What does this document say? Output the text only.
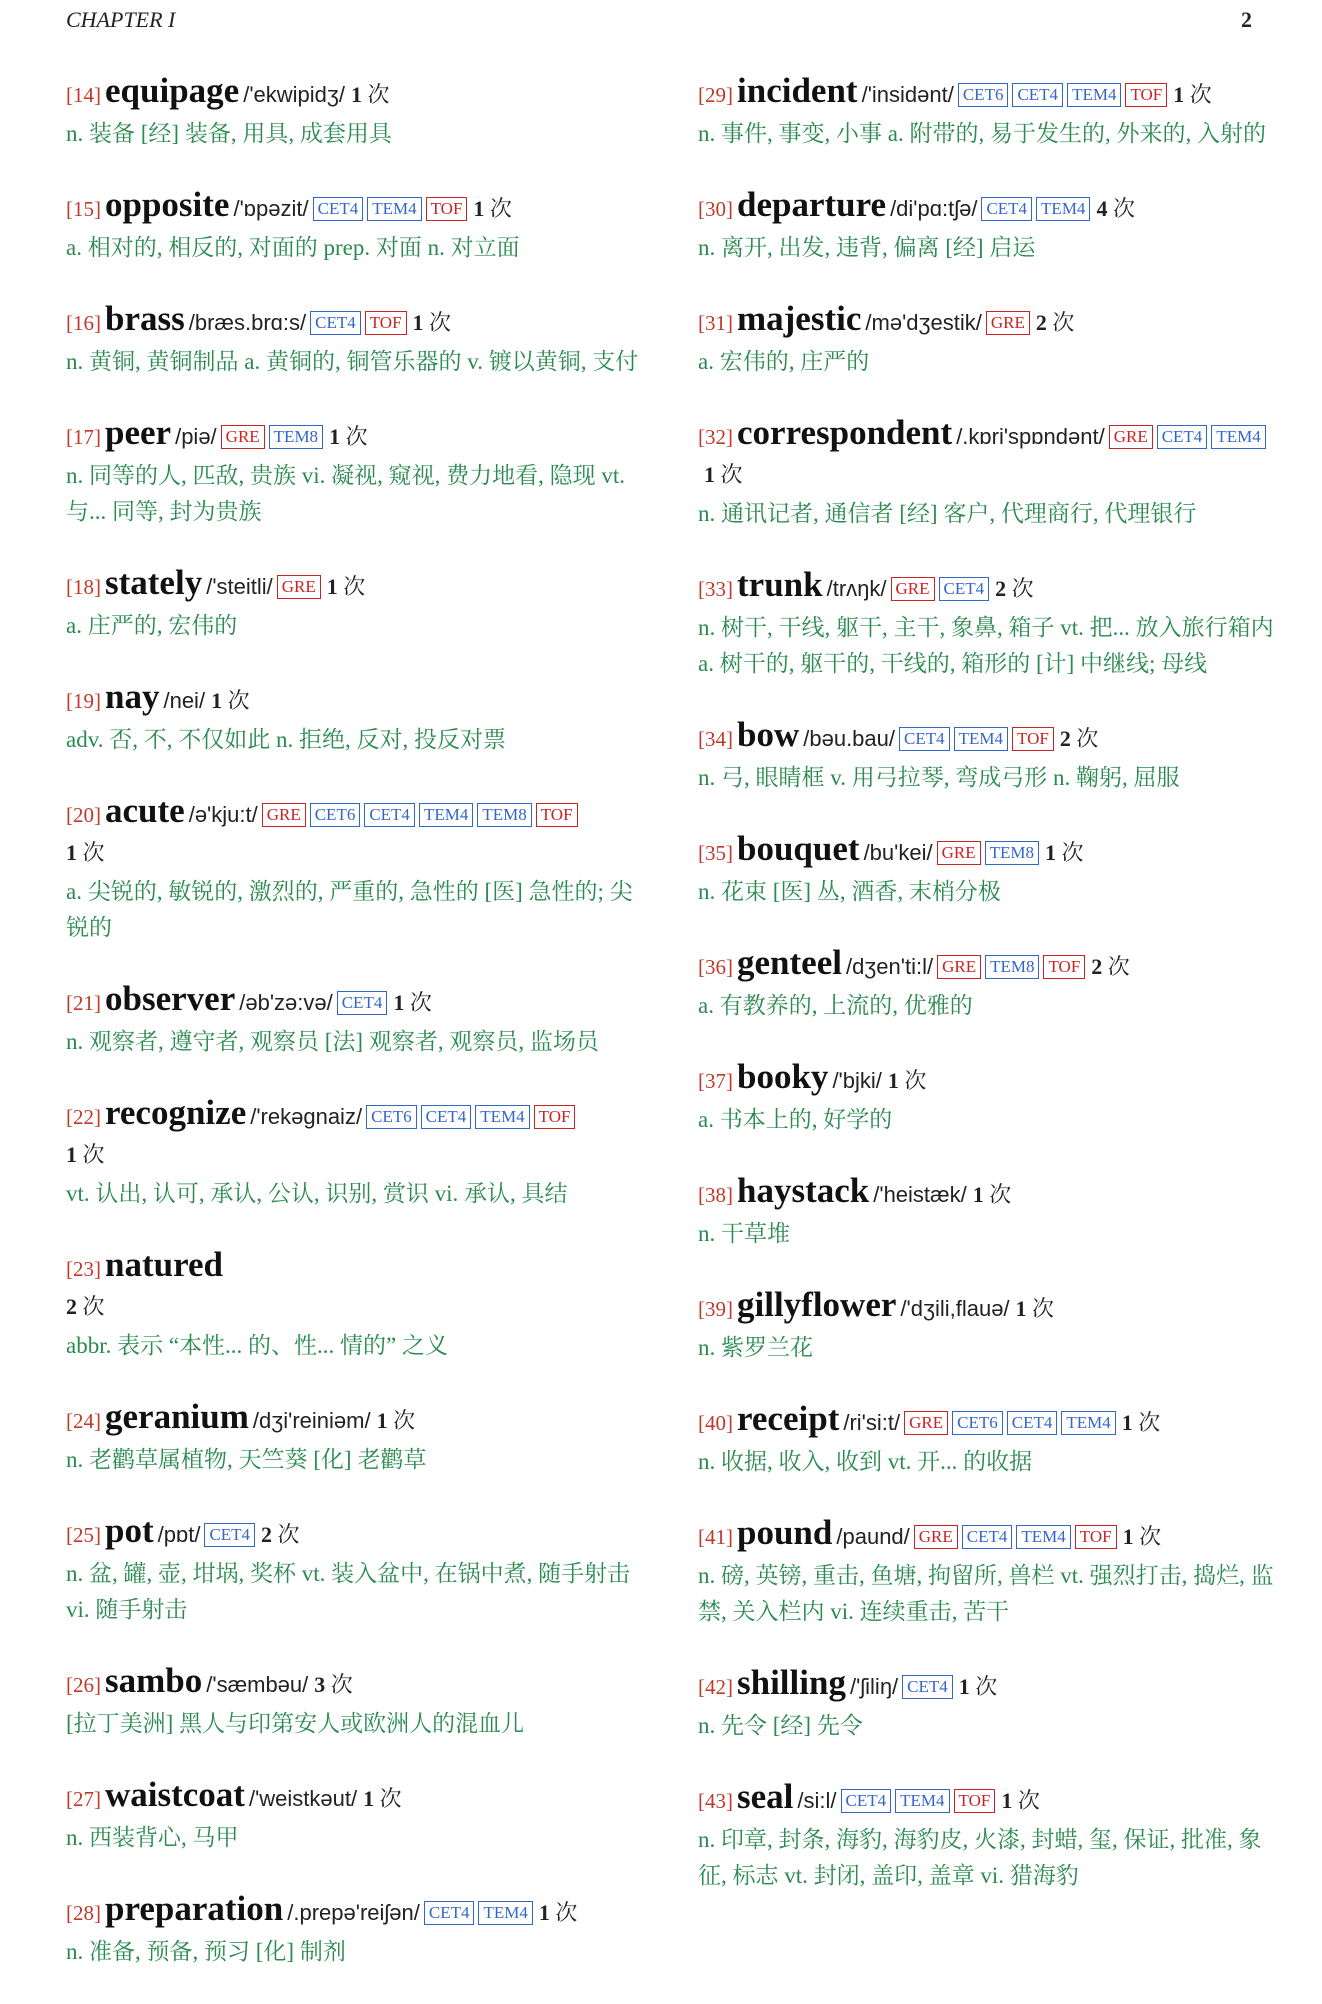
CHAPTER I	2
[14] equipage /'ekwipidʒ/ 1 次
n. 装备 [经] 装备, 用具, 成套用具
[15] opposite /'ɒpəzit/ CET4 TEM4 TOF 1 次
a. 相对的, 相反的, 对面的 prep. 对面 n. 对立面
[16] brass /bræs.brɑ:s/ CET4 TOF 1 次
n. 黄铜, 黄铜制品 a. 黄铜的, 铜管乐器的 v. 镀以黄铜, 支付
[17] peer /piə/ GRE TEM8 1 次
n. 同等的人, 匹敌, 贵族 vi. 凝视, 窥视, 费力地看, 隐现 vt. 与... 同等, 封为贵族
[18] stately /'steitli/ GRE 1 次
a. 庄严的, 宏伟的
[19] nay /nei/ 1 次
adv. 否, 不, 不仅如此 n. 拒绝, 反对, 投反对票
[20] acute /ə'kju:t/ GRE CET6 CET4 TEM4 TEM8 TOF
1 次
a. 尖锐的, 敏锐的, 激烈的, 严重的, 急性的 [医] 急性的; 尖锐的
[21] observer /əb'zə:və/ CET4 1 次
n. 观察者, 遵守者, 观察员 [法] 观察者, 观察员, 监场员
[22] recognize /'rekəgnaiz/ CET6 CET4 TEM4 TOF
1 次
vt. 认出, 认可, 承认, 公认, 识别, 赏识 vi. 承认, 具结
[23] natured
2 次
abbr. 表示 “本性... 的、性... 情的” 之义
[24] geranium /dʒi'reiniəm/ 1 次
n. 老鹳草属植物, 天竺葵 [化] 老鹳草
[25] pot /pɒt/ CET4 2 次
n. 盆, 罐, 壶, 坩埚, 奖杯 vt. 装入盆中, 在锅中煮, 随手射击 vi. 随手射击
[26] sambo /'sæmbəu/ 3 次
[拉丁美洲] 黑人与印第安人或欧洲人的混血儿
[27] waistcoat /'weistkəut/ 1 次
n. 西装背心, 马甲
[28] preparation /.prepə'reiʃən/ CET4 TEM4 1 次
n. 准备, 预备, 预习 [化] 制剂
[29] incident /'insidənt/ CET6 CET4 TEM4 TOF 1 次
n. 事件, 事变, 小事 a. 附带的, 易于发生的, 外来的, 入射的
[30] departure /di'pɑ:tʃə/ CET4 TEM4 4 次
n. 离开, 出发, 违背, 偏离 [经] 启运
[31] majestic /mə'dʒestik/ GRE 2 次
a. 宏伟的, 庄严的
[32] correspondent /.kɒri'spɒndənt/ GRE CET4 TEM41 次
n. 通讯记者, 通信者 [经] 客户, 代理商行, 代理银行
[33] trunk /trʌŋk/ GRE CET4 2 次
n. 树干, 干线, 躯干, 主干, 象鼻, 箱子 vt. 把... 放入旅行箱内 a. 树干的, 躯干的, 干线的, 箱形的 [计] 中继线; 母线
[34] bow /bəu.bau/ CET4 TEM4 TOF 2 次
n. 弓, 眼睛框 v. 用弓拉琴, 弯成弓形 n. 鞠躬, 屈服
[35] bouquet /bu'kei/ GRE TEM8 1 次
n. 花束 [医] 丛, 酒香, 末梢分极
[36] genteel /dʒen'ti:l/ GRE TEM8 TOF 2 次
a. 有教养的, 上流的, 优雅的
[37] booky /'bjki/ 1 次
a. 书本上的, 好学的
[38] haystack /'heistæk/ 1 次
n. 干草堆
[39] gillyflower /'dʒili,flauə/ 1 次
n. 紫罗兰花
[40] receipt /ri'si:t/ GRE CET6 CET4 TEM4 1 次
n. 收据, 收入, 收到 vt. 开... 的收据
[41] pound /paund/ GRE CET4 TEM4 TOF 1 次
n. 磅, 英镑, 重击, 鱼塘, 拘留所, 兽栏 vt. 强烈打击, 捣烂, 监禁, 关入栏内 vi. 连续重击, 苦干
[42] shilling /'ʃiliŋ/ CET4 1 次
n. 先令 [经] 先令
[43] seal /si:l/ CET4 TEM4 TOF 1 次
n. 印章, 封条, 海豹, 海豹皮, 火漆, 封蜡, 玺, 保证, 批准, 象征, 标志 vt. 封闭, 盖印, 盖章 vi. 猎海豹
